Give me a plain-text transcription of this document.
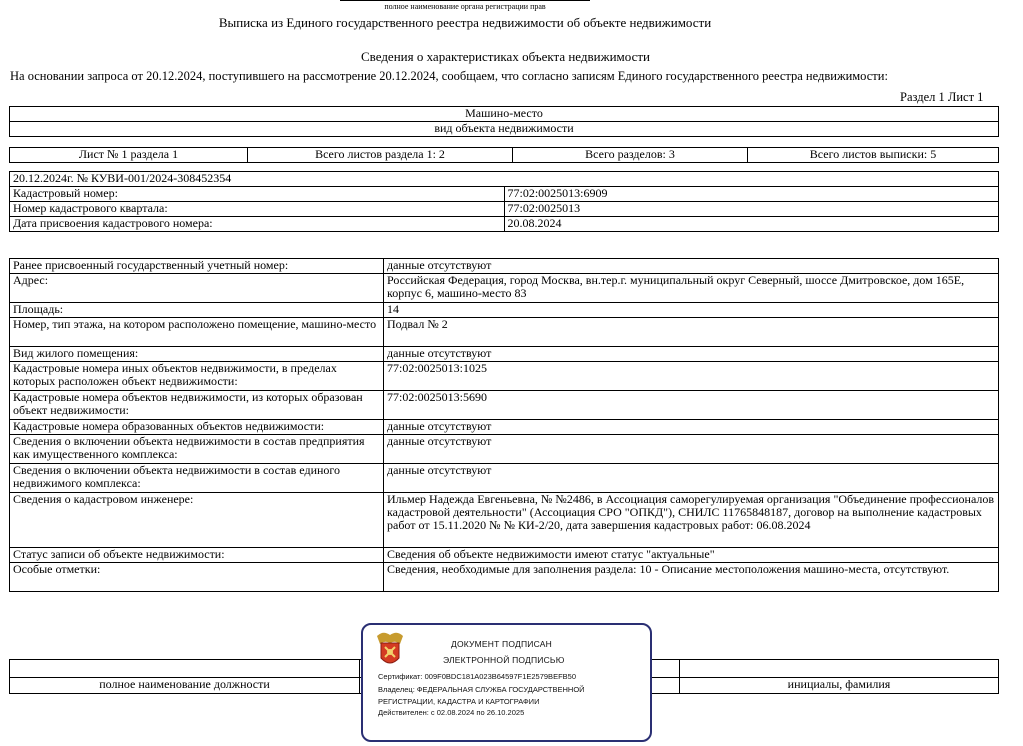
полное наименование органа регистрации прав
Выписка из Единого государственного реестра недвижимости об объекте недвижимости
Сведения о характеристиках объекта недвижимости
На основании запроса от 20.12.2024, поступившего на рассмотрение 20.12.2024, сообщаем, что согласно записям Единого государственного реестра недвижимости:
Раздел 1 Лист 1
Машино-место
вид объекта недвижимости
Лист № 1 раздела 1	Всего листов раздела 1: 2	Всего разделов: 3	Всего листов выписки: 5
20.12.2024г. № КУВИ-001/2024-308452354	
Кадастровый номер:	77:02:0025013:6909
Номер кадастрового квартала:	77:02:0025013
Дата присвоения кадастрового номера:	20.08.2024
Ранее присвоенный государственный учетный номер:	данные отсутствуют
Адрес:	Российская Федерация, город Москва, вн.тер.г. муниципальный округ Северный, шоссе Дмитровское, дом 165Е, корпус 6, машино-место 83
Площадь:	14
Номер, тип этажа, на котором расположено помещение, машино-место	Подвал № 2
Вид жилого помещения:	данные отсутствуют
Кадастровые номера иных объектов недвижимости, в пределах которых расположен объект недвижимости:	77:02:0025013:1025
Кадастровые номера объектов недвижимости, из которых образован объект недвижимости:	77:02:0025013:5690
Кадастровые номера образованных объектов недвижимости:	данные отсутствуют
Сведения о включении объекта недвижимости в состав предприятия как имущественного комплекса:	данные отсутствуют
Сведения о включении объекта недвижимости в состав единого недвижимого комплекса:	данные отсутствуют
Сведения о кадастровом инженере:	Ильмер Надежда Евгеньевна, № №2486, в Ассоциация саморегулируемая организация "Объединение профессионалов кадастровой деятельности" (Ассоциация СРО "ОПКД"), СНИЛС 11765848187, договор на выполнение кадастровых работ от 15.11.2020 № № КИ-2/20, дата завершения кадастровых работ: 06.08.2024
Статус записи об объекте недвижимости:	Сведения об объекте недвижимости имеют статус "актуальные"
Особые отметки:	Сведения, необходимые для заполнения раздела: 10 - Описание местоположения машино-места, отсутствуют.

полное наименование должности		инициалы, фамилия
ДОКУМЕНТ ПОДПИСАН
ЭЛЕКТРОННОЙ ПОДПИСЬЮ
Сертификат: 009F0BDC181A023B64597F1E2579BEFB50
Владелец: ФЕДЕРАЛЬНАЯ СЛУЖБА ГОСУДАРСТВЕННОЙ
РЕГИСТРАЦИИ, КАДАСТРА И КАРТОГРАФИИ
Действителен: с 02.08.2024 по 26.10.2025
